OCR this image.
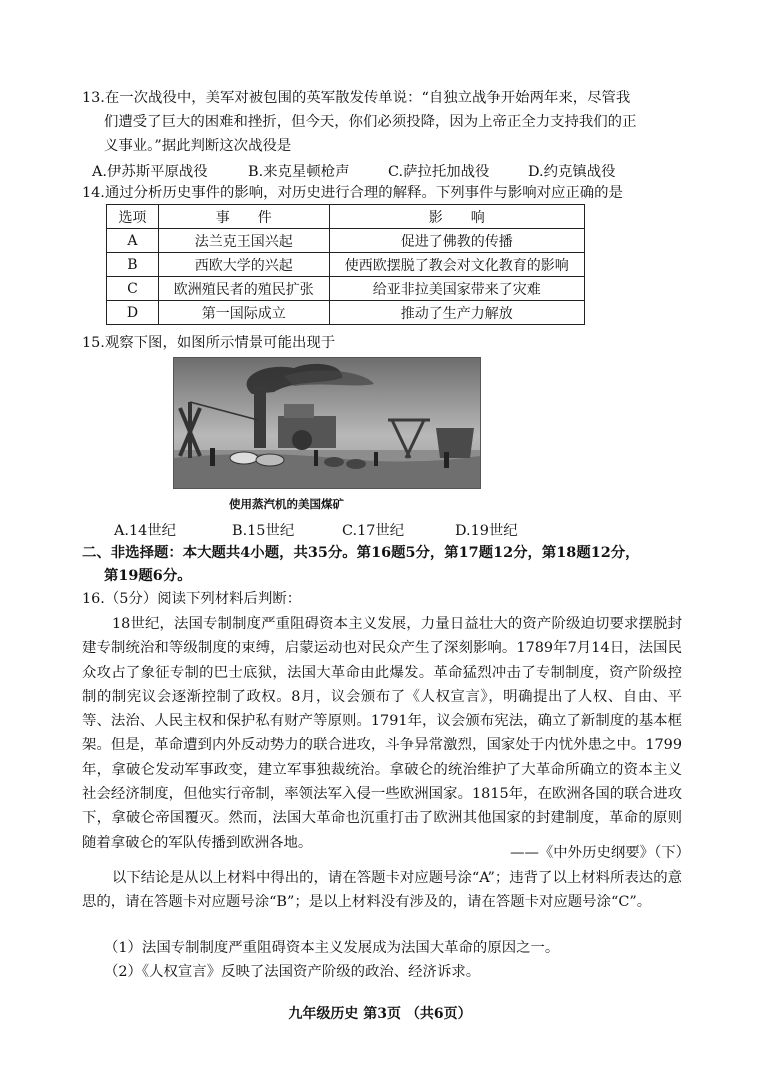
13.在一次战役中，美军对被包围的英军散发传单说：“自独立战争开始两年来，尽管我
们遭受了巨大的困难和挫折，但今天，你们必须投降，因为上帝正全力支持我们的正
义事业。”据此判断这次战役是
A.伊苏斯平原战役	B.来克星顿枪声	C.萨拉托加战役	D.约克镇战役
14.通过分析历史事件的影响，对历史进行合理的解释。下列事件与影响对应正确的是
选项	事　　件	影　　响
A	法兰克王国兴起	促进了佛教的传播
B	西欧大学的兴起	使西欧摆脱了教会对文化教育的影响
C	欧洲殖民者的殖民扩张	给亚非拉美国家带来了灾难
D	第一国际成立	推动了生产力解放
15.观察下图，如图所示情景可能出现于
使用蒸汽机的美国煤矿
A.14世纪	B.15世纪	C.17世纪	D.19世纪
二、非选择题：本大题共4小题，共35分。第16题5分，第17题12分，第18题12分，
第19题6分。
16.（5分）阅读下列材料后判断：
18世纪，法国专制制度严重阻碍资本主义发展，力量日益壮大的资产阶级迫切要求摆脱封建专制统治和等级制度的束缚，启蒙运动也对民众产生了深刻影响。1789年7月14日，法国民众攻占了象征专制的巴士底狱，法国大革命由此爆发。革命猛烈冲击了专制制度，资产阶级控制的制宪议会逐渐控制了政权。8月，议会颁布了《人权宣言》，明确提出了人权、自由、平等、法治、人民主权和保护私有财产等原则。1791年，议会颁布宪法，确立了新制度的基本框架。但是，革命遭到内外反动势力的联合进攻，斗争异常激烈，国家处于内忧外患之中。1799年，拿破仑发动军事政变，建立军事独裁统治。拿破仑的统治维护了大革命所确立的资本主义社会经济制度，但他实行帝制，率领法军入侵一些欧洲国家。1815年，在欧洲各国的联合进攻下，拿破仑帝国覆灭。然而，法国大革命也沉重打击了欧洲其他国家的封建制度，革命的原则随着拿破仑的军队传播到欧洲各地。
——《中外历史纲要》（下）
以下结论是从以上材料中得出的，请在答题卡对应题号涂“A”；违背了以上材料所表达的意思的，请在答题卡对应题号涂“B”；是以上材料没有涉及的，请在答题卡对应题号涂“C”。
（1）法国专制制度严重阻碍资本主义发展成为法国大革命的原因之一。
（2）《人权宣言》反映了法国资产阶级的政治、经济诉求。
九年级历史 第3页 （共6页）
